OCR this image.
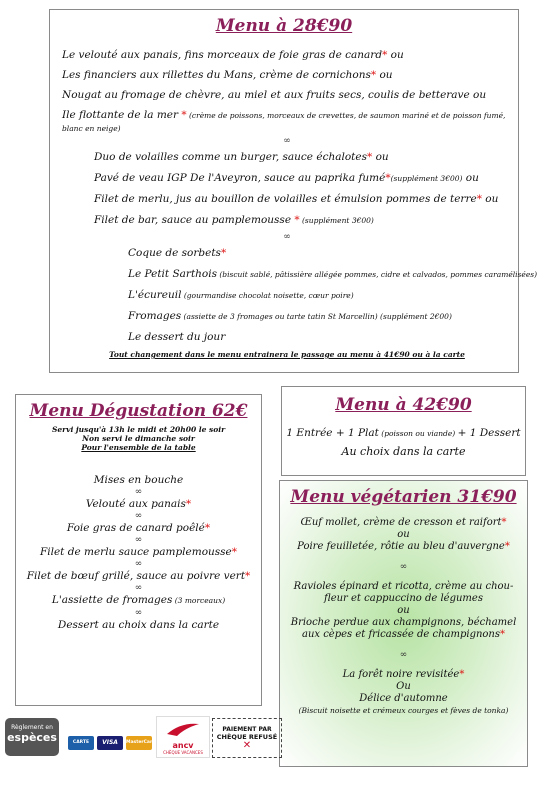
Menu à 28€90
Le velouté aux panais, fins morceaux de foie gras de canard* ou
Les financiers aux rillettes du Mans, crème de cornichons* ou
Nougat au fromage de chèvre, au miel et aux fruits secs, coulis de betterave ou
Ile flottante de la mer * (crème de poissons, morceaux de crevettes, de saumon mariné et de poisson fumé, blanc en neige)
∞
Duo de volailles comme un burger, sauce échalotes* ou
Pavé de veau IGP De l'Aveyron, sauce au paprika fumé*(supplément 3€00) ou
Filet de merlu, jus au bouillon de volailles et émulsion pommes de terre* ou
Filet de bar, sauce au pamplemousse * (supplément 3€00)
∞
Coque de sorbets*
Le Petit Sarthois (biscuit sablé, pâtissière allégée pommes, cidre et calvados, pommes caramélisées)
L'écureuil (gourmandise chocolat noisette, cœur poire)
Fromages (assiette de 3 fromages ou tarte tatin St Marcellin) (supplément 2€00)
Le dessert du jour
Tout changement dans le menu entrainera le passage au menu à 41€90 ou à la carte
Menu Dégustation 62€
Servi jusqu'à 13h le midi et 20h00 le soir
Non servi le dimanche soir
Pour l'ensemble de la table
Mises en bouche
∞
Velouté aux panais*
∞
Foie gras de canard poêlé*
∞
Filet de merlu sauce pamplemousse*
∞
Filet de bœuf grillé, sauce au poivre vert*
∞
L'assiette de fromages (3 morceaux)
∞
Dessert au choix dans la carte
Menu à 42€90
1 Entrée + 1 Plat (poisson ou viande) + 1 Dessert
Au choix dans la carte
Menu végétarien 31€90
Œuf mollet, crème de cresson et raifort*
ou
Poire feuilletée, rôtie au bleu d'auvergne*
∞
Ravioles épinard et ricotta, crème au chou-fleur et cappuccino de légumes
ou
Brioche perdue aux champignons, béchamel aux cèpes et fricassée de champignons*
∞
La forêt noire revisitée*
Ou
Délice d'automne
(Biscuit noisette et crémeux courges et fèves de tonka)
Règlement en
espèces	CARTE BLEUE
VISA	MasterCard	ancv
CHÈQUE VACANCES
PAIEMENT PAR
CHÈQUE REFUSÉ
✕
